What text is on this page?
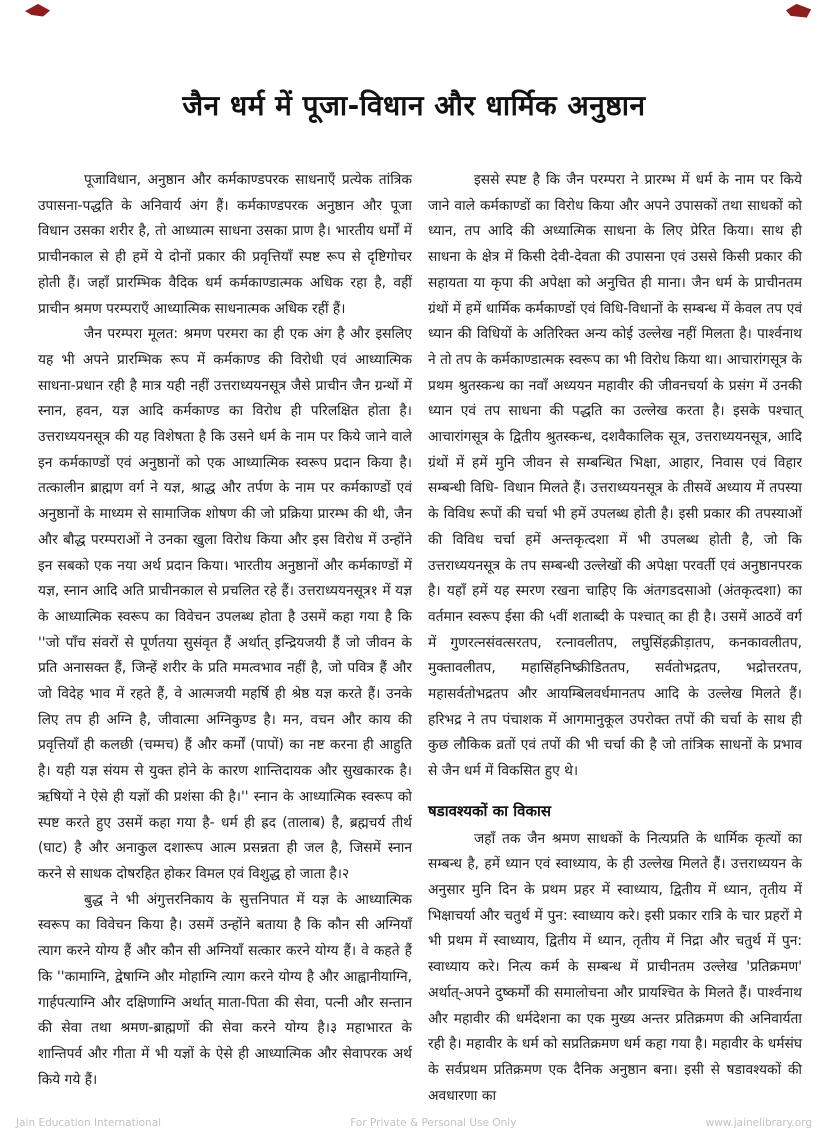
जैन धर्म में पूजा-विधान और धार्मिक अनुष्ठान

पूजाविधान, अनुष्ठान और कर्मकाण्डपरक साधनाएँ प्रत्येक तांत्रिक उपासना-पद्धति के अनिवार्य अंग हैं। कर्मकाण्डपरक अनुष्ठान और पूजा विधान उसका शरीर है, तो आध्यात्म साधना उसका प्राण है। भारतीय धर्मों में प्राचीनकाल से ही हमें ये दोनों प्रकार की प्रवृत्तियाँ स्पष्ट रूप से दृष्टिगोचर होती हैं। जहाँ प्रारम्भिक वैदिक धर्म कर्मकाण्डात्मक अधिक रहा है, वहीं प्राचीन श्रमण परम्पराएँ आध्यात्मिक साधनात्मक अधिक रहीं हैं।

जैन परम्परा मूलत: श्रमण परमरा का ही एक अंग है और इसलिए यह भी अपने प्रारम्भिक रूप में कर्मकाण्ड की विरोधी एवं आध्यात्मिक साधना-प्रधान रही है मात्र यही नहीं उत्तराध्ययनसूत्र जैसे प्राचीन जैन ग्रन्थों में स्नान, हवन, यज्ञ आदि कर्मकाण्ड का विरोध ही परिलक्षित होता है। उत्तराध्ययनसूत्र की यह विशेषता है कि उसने धर्म के नाम पर किये जाने वाले इन कर्मकाण्डों एवं अनुष्ठानों को एक आध्यात्मिक स्वरूप प्रदान किया है। तत्कालीन ब्राह्मण वर्ग ने यज्ञ, श्राद्ध और तर्पण के नाम पर कर्मकाण्डों एवं अनुष्ठानों के माध्यम से सामाजिक शोषण की जो प्रक्रिया प्रारम्भ की थी, जैन और बौद्ध परम्पराओं ने उनका खुला विरोध किया और इस विरोध में उन्होंने इन सबको एक नया अर्थ प्रदान किया। भारतीय अनुष्ठानों और कर्मकाण्डों में यज्ञ, स्नान आदि अति प्राचीनकाल से प्रचलित रहे हैं। उत्तराध्ययनसूत्र१ में यज्ञ के आध्यात्मिक स्वरूप का विवेचन उपलब्ध होता है उसमें कहा गया है कि ''जो पाँच संवरों से पूर्णतया सुसंवृत हैं अर्थात् इन्द्रियजयी हैं जो जीवन के प्रति अनासक्त हैं, जिन्हें शरीर के प्रति ममत्वभाव नहीं है, जो पवित्र हैं और जो विदेह भाव में रहते हैं, वे आत्मजयी महर्षि ही श्रेष्ठ यज्ञ करते हैं। उनके लिए तप ही अग्नि है, जीवात्मा अग्निकुण्ड है। मन, वचन और काय की प्रवृत्तियाँ ही कलछी (चम्मच) हैं और कर्मों (पापों) का नष्ट करना ही आहुति है। यही यज्ञ संयम से युक्त होने के कारण शान्तिदायक और सुखकारक है। ऋषियों ने ऐसे ही यज्ञों की प्रशंसा की है।'' स्नान के आध्यात्मिक स्वरूप को स्पष्ट करते हुए उसमें कहा गया है- धर्म ही ह्रद (तालाब) है, ब्रह्मचर्य तीर्थ (घाट) है और अनाकुल दशारूप आत्म प्रसन्नता ही जल है, जिसमें स्नान करने से साधक दोषरहित होकर विमल एवं विशुद्ध हो जाता है।२

बुद्ध ने भी अंगुत्तरनिकाय के सुत्तनिपात में यज्ञ के आध्यात्मिक स्वरूप का विवेचन किया है। उसमें उन्होंने बताया है कि कौन सी अग्नियाँ त्याग करने योग्य हैं और कौन सी अग्नियाँ सत्कार करने योग्य हैं। वे कहते हैं कि ''कामाग्नि, द्वेषाग्नि और मोहाग्नि त्याग करने योग्य है और आह्वानीयाग्नि, गार्हपत्याग्नि और दक्षिणाग्नि अर्थात् माता-पिता की सेवा, पत्नी और सन्तान की सेवा तथा श्रमण-ब्राह्मणों की सेवा करने योग्य है।३ महाभारत के शान्तिपर्व और गीता में भी यज्ञों के ऐसे ही आध्यात्मिक और सेवापरक अर्थ किये गये हैं।

इससे स्पष्ट है कि जैन परम्परा ने प्रारम्भ में धर्म के नाम पर किये जाने वाले कर्मकाण्डों का विरोध किया और अपने उपासकों तथा साधकों को ध्यान, तप आदि की अध्यात्मिक साधना के लिए प्रेरित किया। साथ ही साधना के क्षेत्र में किसी देवी-देवता की उपासना एवं उससे किसी प्रकार की सहायता या कृपा की अपेक्षा को अनुचित ही माना। जैन धर्म के प्राचीनतम ग्रंथों में हमें धार्मिक कर्मकाण्डों एवं विधि-विधानों के सम्बन्ध में केवल तप एवं ध्यान की विधियों के अतिरिक्त अन्य कोई उल्लेख नहीं मिलता है। पार्श्वनाथ ने तो तप के कर्मकाण्डात्मक स्वरूप का भी विरोध किया था। आचारांगसूत्र के प्रथम श्रुतस्कन्ध का नवाँ अध्ययन महावीर की जीवनचर्या के प्रसंग में उनकी ध्यान एवं तप साधना की पद्धति का उल्लेख करता है। इसके पश्चात् आचारांगसूत्र के द्वितीय श्रुतस्कन्ध, दशवैकालिक सूत्र, उत्तराध्ययनसूत्र, आदि ग्रंथों में हमें मुनि जीवन से सम्बन्धित भिक्षा, आहार, निवास एवं विहार सम्बन्धी विधि- विधान मिलते हैं। उत्तराध्ययनसूत्र के तीसवें अध्याय में तपस्या के विविध रूपों की चर्चा भी हमें उपलब्ध होती है। इसी प्रकार की तपस्याओं की विविध चर्चा हमें अन्तकृत्दशा में भी उपलब्ध होती है, जो कि उत्तराध्ययनसूत्र के तप सम्बन्धी उल्लेखों की अपेक्षा परवर्ती एवं अनुष्ठानपरक है। यहाँ हमें यह स्मरण रखना चाहिए कि अंतगडदसाओ (अंतकृत्दशा) का वर्तमान स्वरूप ईसा की ५वीं शताब्दी के पश्चात् का ही है। उसमें आठवें वर्ग में गुणरत्नसंवत्सरतप, रत्नावलीतप, लघुसिंहक्रीड़ातप, कनकावलीतप, मुक्तावलीतप, महासिंहनिष्क्रीडिततप, सर्वतोभद्रतप, भद्रोत्तरतप, महासर्वतोभद्रतप और आयम्बिलवर्धमानतप आदि के उल्लेख मिलते हैं। हरिभद्र ने तप पंचाशक में आगमानुकूल उपरोक्त तपों की चर्चा के साथ ही कुछ लौकिक व्रतों एवं तपों की भी चर्चा की है जो तांत्रिक साधनों के प्रभाव से जैन धर्म में विकसित हुए थे।

षडावश्यकों का विकास

जहाँ तक जैन श्रमण साधकों के नित्यप्रति के धार्मिक कृत्यों का सम्बन्ध है, हमें ध्यान एवं स्वाध्याय, के ही उल्लेख मिलते हैं। उत्तराध्ययन के अनुसार मुनि दिन के प्रथम प्रहर में स्वाध्याय, द्वितीय में ध्यान, तृतीय में भिक्षाचर्या और चतुर्थ में पुन: स्वाध्याय करे। इसी प्रकार रात्रि के चार प्रहरों मे भी प्रथम में स्वाध्याय, द्वितीय में ध्यान, तृतीय में निद्रा और चतुर्थ में पुन: स्वाध्याय करे। नित्य कर्म के सम्बन्ध में प्राचीनतम उल्लेख 'प्रतिक्रमण' अर्थात्-अपने दुष्कर्मों की समालोचना और प्रायश्चित के मिलते हैं। पार्श्वनाथ और महावीर की धर्मदेशना का एक मुख्य अन्तर प्रतिक्रमण की अनिवार्यता रही है। महावीर के धर्म को सप्रतिक्रमण धर्म कहा गया है। महावीर के धर्मसंघ के सर्वप्रथम प्रतिक्रमण एक दैनिक अनुष्ठान बना। इसी से षडावश्यकों की अवधारणा का

Jain Education International	For Private & Personal Use Only	www.jainelibrary.org
